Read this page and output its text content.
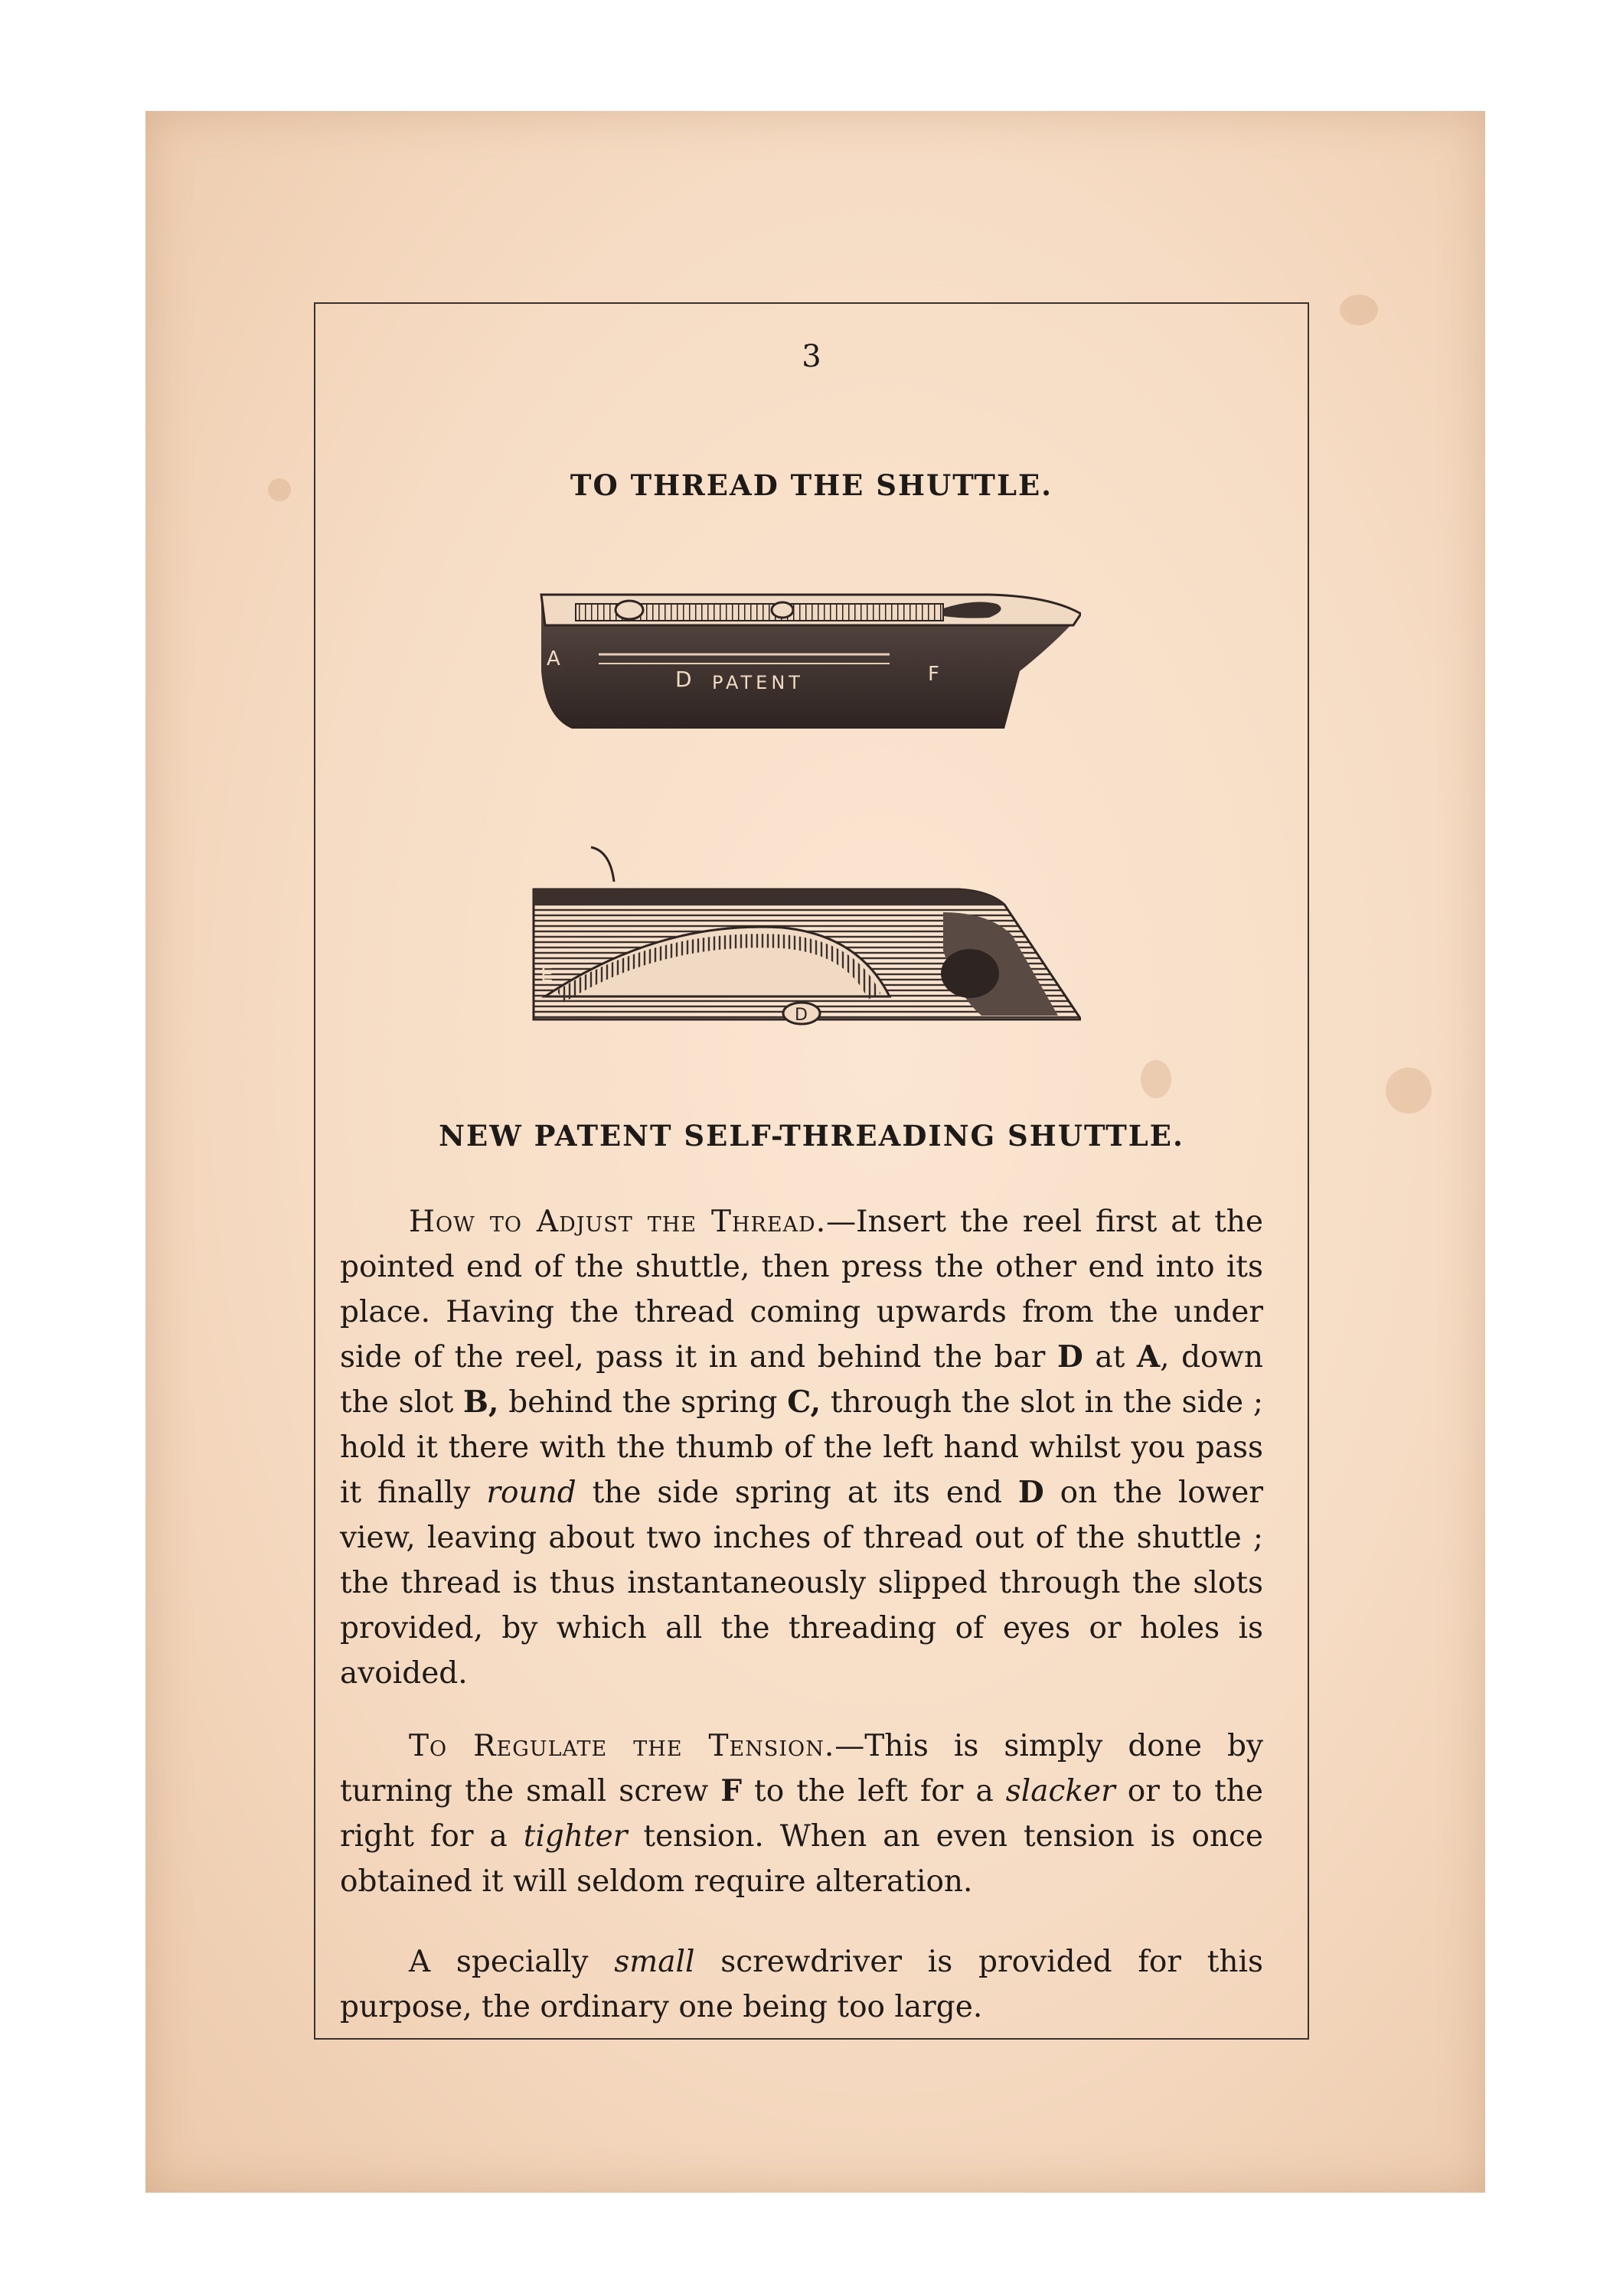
3
TO THREAD THE SHUTTLE.
A
D PATENT	F
E
D
NEW PATENT SELF-THREADING SHUTTLE.

How to Adjust the Thread.—Insert the reel first at the pointed end of the shuttle, then press the other end into its place. Having the thread coming upwards from the under side of the reel, pass it in and behind the bar D at A, down the slot B, behind the spring C, through the slot in the side ; hold it there with the thumb of the left hand whilst you pass it finally round the side spring at its end D on the lower view, leaving about two inches of thread out of the shuttle ; the thread is thus instantaneously slipped through the slots provided, by which all the threading of eyes or holes is avoided.

To Regulate the Tension.—This is simply done by turning the small screw F to the left for a slacker or to the right for a tighter tension. When an even tension is once obtained it will seldom require alteration.

A specially small screwdriver is provided for this purpose, the ordinary one being too large.
